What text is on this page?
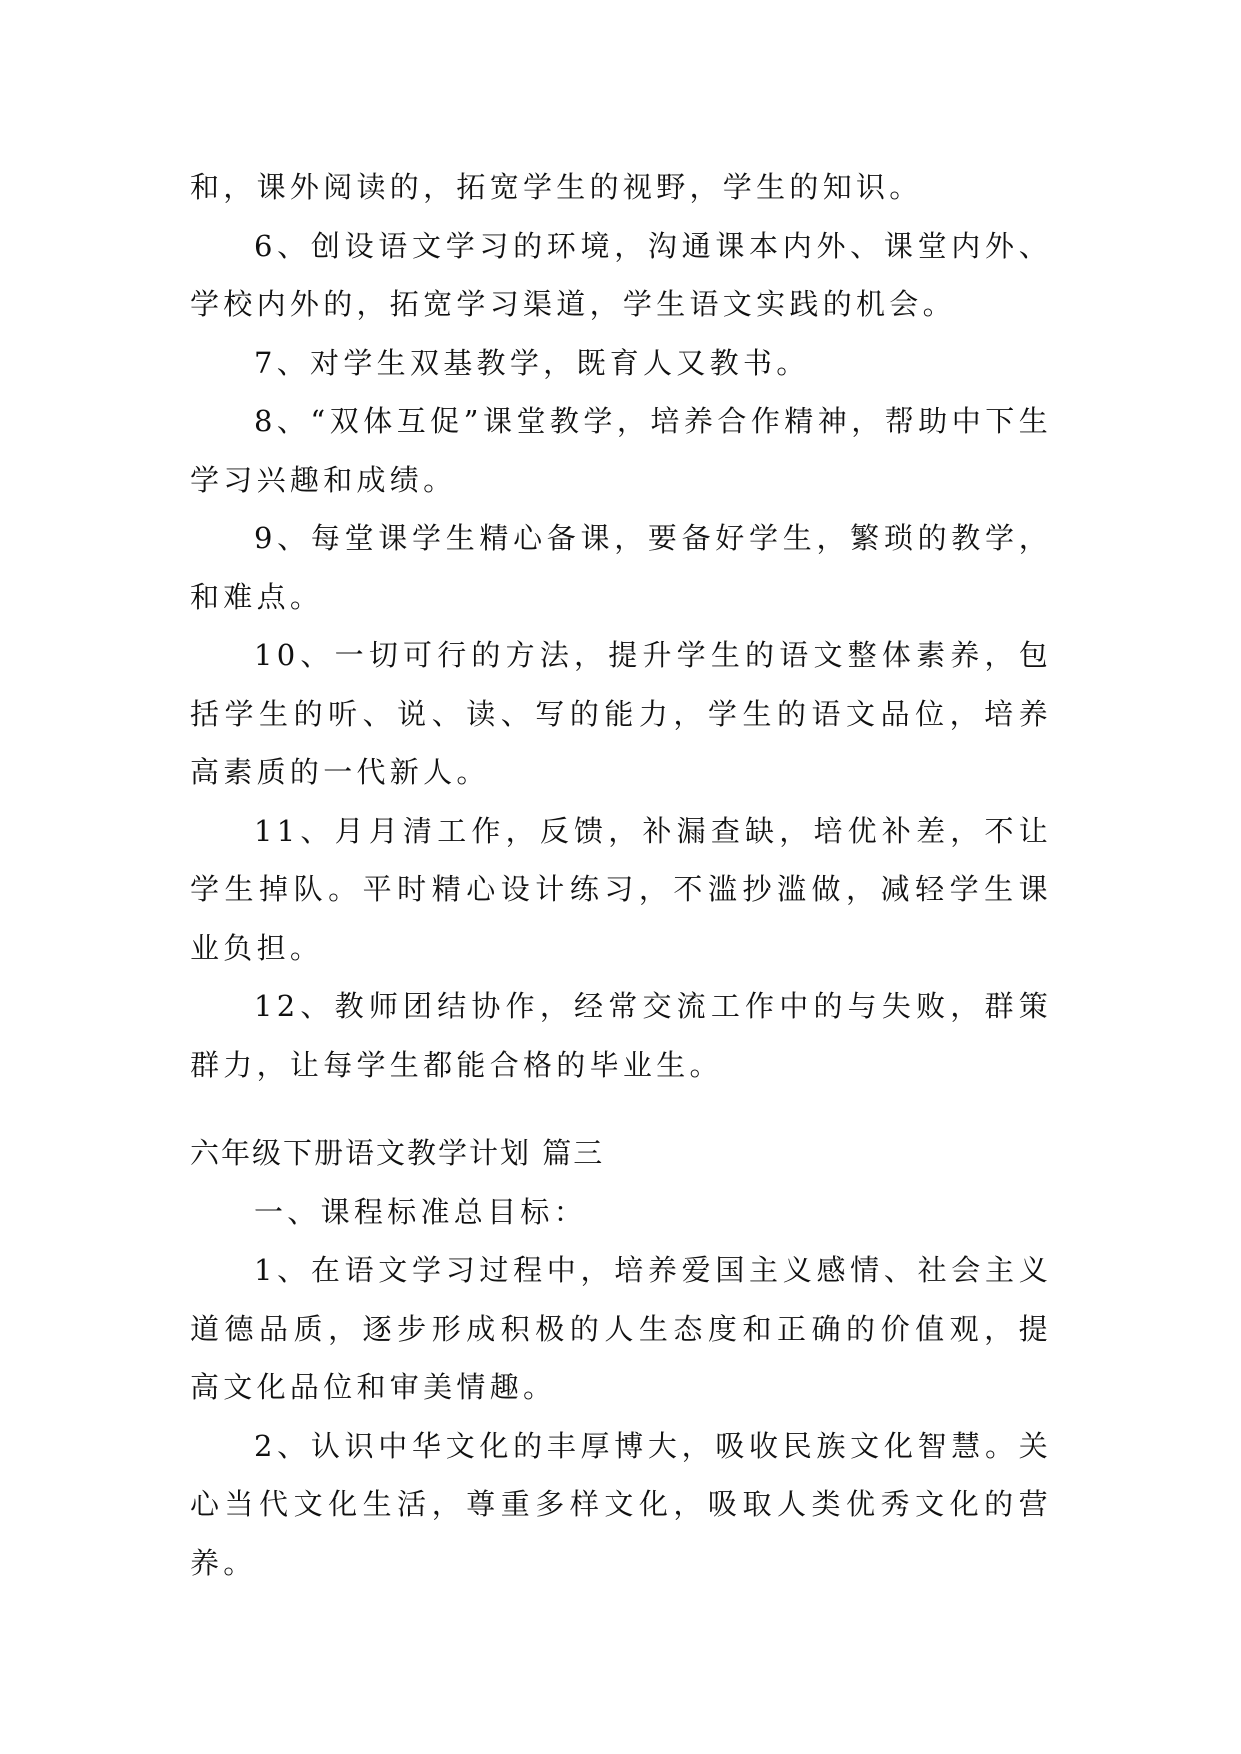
和，课外阅读的，拓宽学生的视野，学生的知识。

6、创设语文学习的环境，沟通课本内外、课堂内外、学校内外的，拓宽学习渠道，学生语文实践的机会。

7、对学生双基教学，既育人又教书。

8、“双体互促”课堂教学，培养合作精神，帮助中下生学习兴趣和成绩。

9、每堂课学生精心备课，要备好学生，繁琐的教学，和难点。

10、一切可行的方法，提升学生的语文整体素养，包括学生的听、说、读、写的能力，学生的语文品位，培养高素质的一代新人。

11、月月清工作，反馈，补漏查缺，培优补差，不让学生掉队。平时精心设计练习，不滥抄滥做，减轻学生课业负担。

12、教师团结协作，经常交流工作中的与失败，群策群力，让每学生都能合格的毕业生。

六年级下册语文教学计划 篇三

一、课程标准总目标：

1、在语文学习过程中，培养爱国主义感情、社会主义道德品质，逐步形成积极的人生态度和正确的价值观，提高文化品位和审美情趣。

2、认识中华文化的丰厚博大，吸收民族文化智慧。关心当代文化生活，尊重多样文化，吸取人类优秀文化的营养。
